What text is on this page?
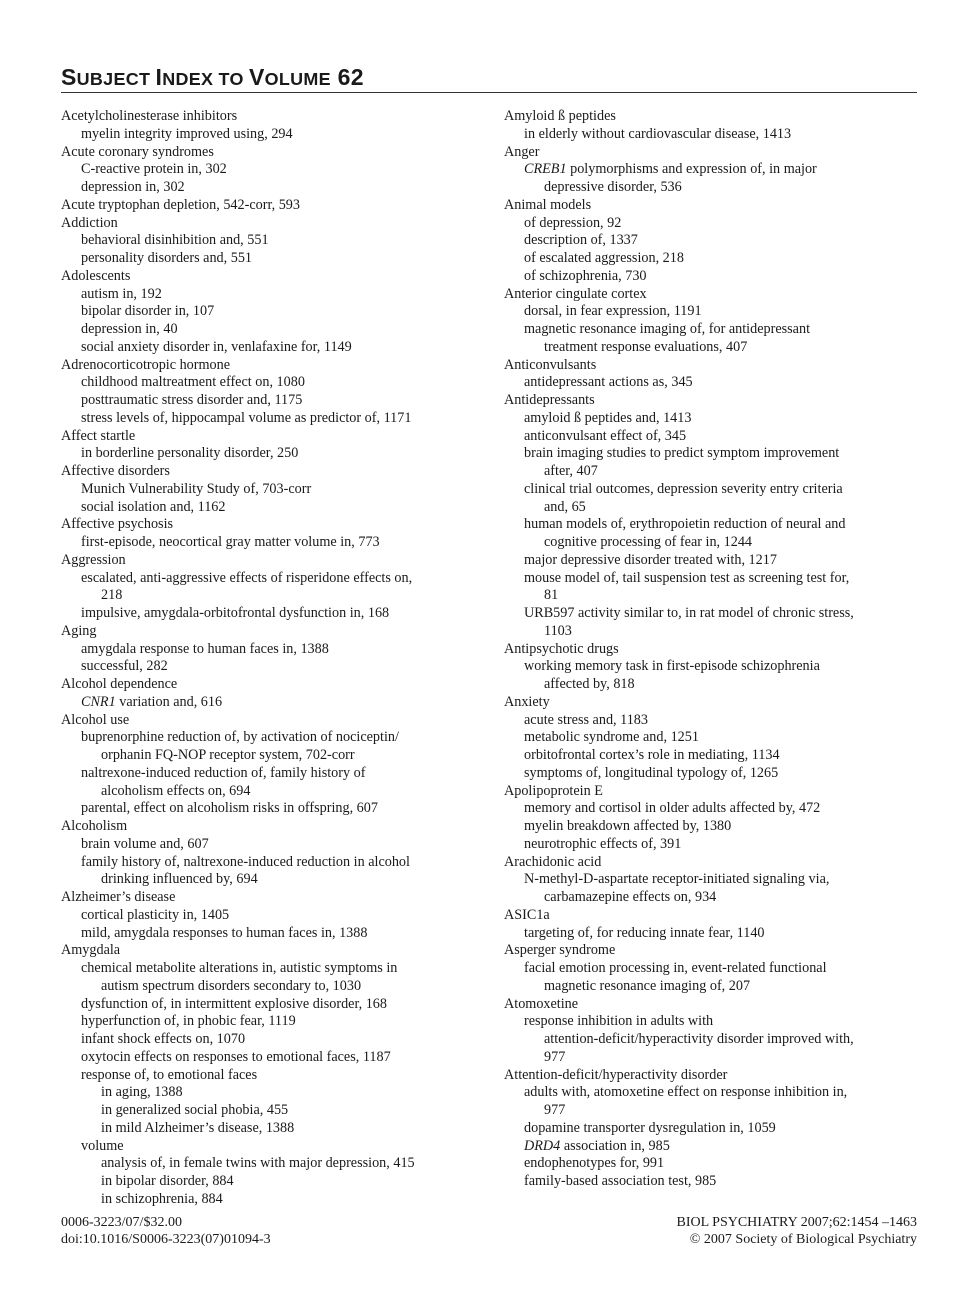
SUBJECT INDEX TO VOLUME 62
Acetylcholinesterase inhibitors
myelin integrity improved using, 294
Acute coronary syndromes
C-reactive protein in, 302
depression in, 302
Acute tryptophan depletion, 542-corr, 593
Addiction
behavioral disinhibition and, 551
personality disorders and, 551
Adolescents
autism in, 192
bipolar disorder in, 107
depression in, 40
social anxiety disorder in, venlafaxine for, 1149
Adrenocorticotropic hormone
childhood maltreatment effect on, 1080
posttraumatic stress disorder and, 1175
stress levels of, hippocampal volume as predictor of, 1171
Affect startle
in borderline personality disorder, 250
Affective disorders
Munich Vulnerability Study of, 703-corr
social isolation and, 1162
Affective psychosis
first-episode, neocortical gray matter volume in, 773
Aggression
escalated, anti-aggressive effects of risperidone effects on,
218
impulsive, amygdala-orbitofrontal dysfunction in, 168
Aging
amygdala response to human faces in, 1388
successful, 282
Alcohol dependence
CNR1 variation and, 616
Alcohol use
buprenorphine reduction of, by activation of nociceptin/
orphanin FQ-NOP receptor system, 702-corr
naltrexone-induced reduction of, family history of
alcoholism effects on, 694
parental, effect on alcoholism risks in offspring, 607
Alcoholism
brain volume and, 607
family history of, naltrexone-induced reduction in alcohol
drinking influenced by, 694
Alzheimer’s disease
cortical plasticity in, 1405
mild, amygdala responses to human faces in, 1388
Amygdala
chemical metabolite alterations in, autistic symptoms in
autism spectrum disorders secondary to, 1030
dysfunction of, in intermittent explosive disorder, 168
hyperfunction of, in phobic fear, 1119
infant shock effects on, 1070
oxytocin effects on responses to emotional faces, 1187
response of, to emotional faces
in aging, 1388
in generalized social phobia, 455
in mild Alzheimer’s disease, 1388
volume
analysis of, in female twins with major depression, 415
in bipolar disorder, 884
in schizophrenia, 884
Amyloid ß peptides
in elderly without cardiovascular disease, 1413
Anger
CREB1 polymorphisms and expression of, in major
depressive disorder, 536
Animal models
of depression, 92
description of, 1337
of escalated aggression, 218
of schizophrenia, 730
Anterior cingulate cortex
dorsal, in fear expression, 1191
magnetic resonance imaging of, for antidepressant
treatment response evaluations, 407
Anticonvulsants
antidepressant actions as, 345
Antidepressants
amyloid ß peptides and, 1413
anticonvulsant effect of, 345
brain imaging studies to predict symptom improvement
after, 407
clinical trial outcomes, depression severity entry criteria
and, 65
human models of, erythropoietin reduction of neural and
cognitive processing of fear in, 1244
major depressive disorder treated with, 1217
mouse model of, tail suspension test as screening test for,
81
URB597 activity similar to, in rat model of chronic stress,
1103
Antipsychotic drugs
working memory task in first-episode schizophrenia
affected by, 818
Anxiety
acute stress and, 1183
metabolic syndrome and, 1251
orbitofrontal cortex’s role in mediating, 1134
symptoms of, longitudinal typology of, 1265
Apolipoprotein E
memory and cortisol in older adults affected by, 472
myelin breakdown affected by, 1380
neurotrophic effects of, 391
Arachidonic acid
N-methyl-D-aspartate receptor-initiated signaling via,
carbamazepine effects on, 934
ASIC1a
targeting of, for reducing innate fear, 1140
Asperger syndrome
facial emotion processing in, event-related functional
magnetic resonance imaging of, 207
Atomoxetine
response inhibition in adults with
attention-deficit/hyperactivity disorder improved with,
977
Attention-deficit/hyperactivity disorder
adults with, atomoxetine effect on response inhibition in,
977
dopamine transporter dysregulation in, 1059
DRD4 association in, 985
endophenotypes for, 991
family-based association test, 985
0006-3223/07/$32.00
doi:10.1016/S0006-3223(07)01094-3
BIOL PSYCHIATRY 2007;62:1454 –1463
© 2007 Society of Biological Psychiatry
